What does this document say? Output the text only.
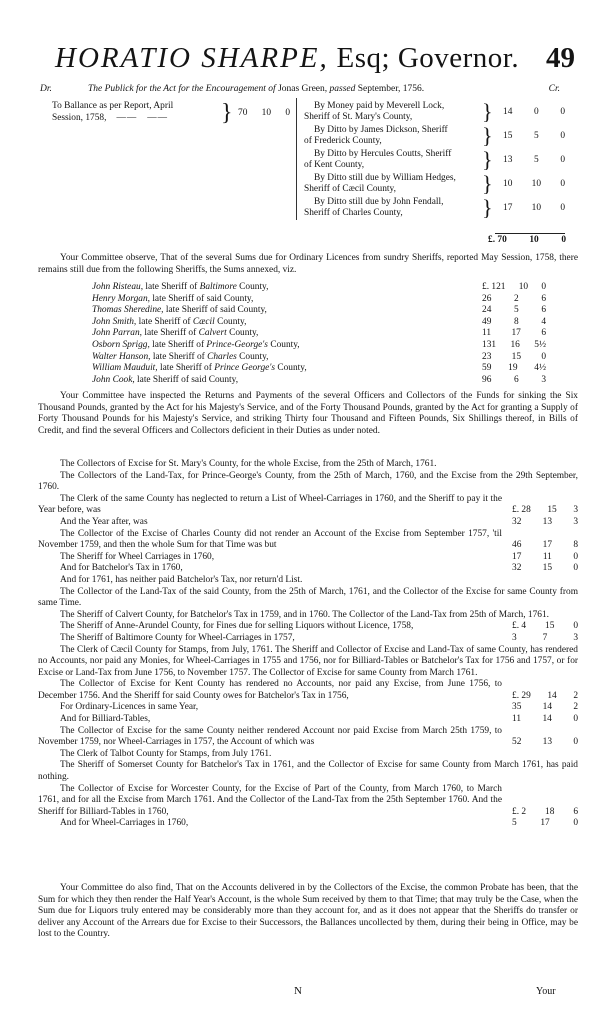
HORATIO SHARPE, Esq; Governor. 49
Dr.	The Publick for the Act for the Encouragement of Jonas Green, passed September, 1756.	Cr.
To Ballance as per Report, April
Session, 1758,   ——   —— } 70 10 0
By Money paid by Meverell Lock,
Sheriff of St. Mary's County,	} 14 0 0
By Ditto by James Dickson, Sheriff
of Frederick County,	} 15 5 0
By Ditto by Hercules Coutts, Sheriff
of Kent County,	} 13 5 0
By Ditto still due by William Hedges,
Sheriff of Cæcil County,	} 10 10 0
By Ditto still due by John Fendall,
Sheriff of Charles County,	} 17 10 0
£. 70 10 0
Your Committee observe, That of the several Sums due for Ordinary Licences from sundry Sheriffs, reported May Session, 1758, there remains still due from the following Sheriffs, the Sums annexed, viz.
John Risteau, late Sheriff of Baltimore County,	£. 121 10 0
Henry Morgan, late Sheriff of said County,	26 2 6
Thomas Sheredine, late Sheriff of said County,	24 5 6
John Smith, late Sheriff of Cæcil County,	49 8 4
John Parran, late Sheriff of Calvert County,	11 17 6
Osborn Sprigg, late Sheriff of Prince-George's County,	131 16 5½
Walter Hanson, late Sheriff of Charles County,	23 15 0
William Mauduit, late Sheriff of Prince George's County,	59 19 4½
John Cook, late Sheriff of said County,	96 6 3
Your Committee have inspected the Returns and Payments of the several Officers and Collectors of the Funds for sinking the Six Thousand Pounds, granted by the Act for his Majesty's Service, and of the Forty Thousand Pounds, granted by the Act for granting a Supply of Forty Thousand Pounds for his Majesty's Service, and striking Thirty four Thousand and Fifteen Pounds, Six Shillings thereof, in Bills of Credit, and find the several Officers and Collectors deficient in their Duties as under noted.
The Collectors of Excise for St. Mary's County, for the whole Excise, from the 25th of March, 1761.
The Collectors of the Land-Tax, for Prince-George's County, from the 25th of March, 1760, and the Excise from the 29th September, 1760.
The Clerk of the same County has neglected to return a List of Wheel-Carriages in 1760, and the Sheriff to pay it the Year before, was	£. 28 15 3
And the Year after, was	32 13 3
The Collector of the Excise of Charles County did not render an Account of the Excise from September 1757, 'til November 1759, and then the whole Sum for that Time was but	46 17 8
The Sheriff for Wheel Carriages in 1760,	17 11 0
And for Batchelor's Tax in 1760,	32 15 0
And for 1761, has neither paid Batchelor's Tax, nor return'd List.
The Collector of the Land-Tax of the said County, from the 25th of March, 1761, and the Collector of the Excise for same County from same Time.
The Sheriff of Calvert County, for Batchelor's Tax in 1759, and in 1760. The Collector of the Land-Tax from 25th of March, 1761.
The Sheriff of Anne-Arundel County, for Fines due for selling Liquors without Licence, 1758,	£. 4 15 0
The Sheriff of Baltimore County for Wheel-Carriages in 1757,	3	7	3
The Clerk of Cæcil County for Stamps, from July, 1761. The Sheriff and Collector of Excise and Land-Tax of same County, has rendered no Accounts, nor paid any Monies, for Wheel-Carriages in 1755 and 1756, nor for Billiard-Tables or Batchelor's Tax for 1756 and 1757, or for Excise or Land-Tax from June 1756, to November 1757. The Collector of Excise for same County from March 1761.
The Collector of Excise for Kent County has rendered no Accounts, nor paid any Excise, from June 1756, to December 1756. And the Sheriff for said County owes for Batchelor's Tax in 1756,	£. 29 14 2
For Ordinary-Licences in same Year,	35 14 2
And for Billiard-Tables,	11 14 0
The Collector of Excise for the same County neither rendered Account nor paid Excise from March 25th 1759, to November 1759, nor Wheel-Carriages in 1757, the Account of which was	52 13 0
The Clerk of Talbot County for Stamps, from July 1761.
The Sheriff of Somerset County for Batchelor's Tax in 1761, and the Collector of Excise for same County from March 1761, has paid nothing.
The Collector of Excise for Worcester County, for the Excise of Part of the County, from March 1760, to March 1761, and for all the Excise from March 1761. And the Collector of the Land-Tax from the 25th September 1760. And the Sheriff for Billiard-Tables in 1760,	£. 2 18 6
And for Wheel-Carriages in 1760,	5	17	0
Your Committee do also find, That on the Accounts delivered in by the Collectors of the Excise, the common Probate has been, that the Sum for which they then render the Half Year's Account, is the whole Sum received by them to that Time; that may truly be the Case, when the Sum due for Liquors truly entered may be considerably more than they account for, and as it does not appear that the Sheriffs do transfer or deliver any Account of the Arrears due for Excise to their Successors, the Ballances uncollected by them, during their being in Office, may be lost to the Country.
N	Your
